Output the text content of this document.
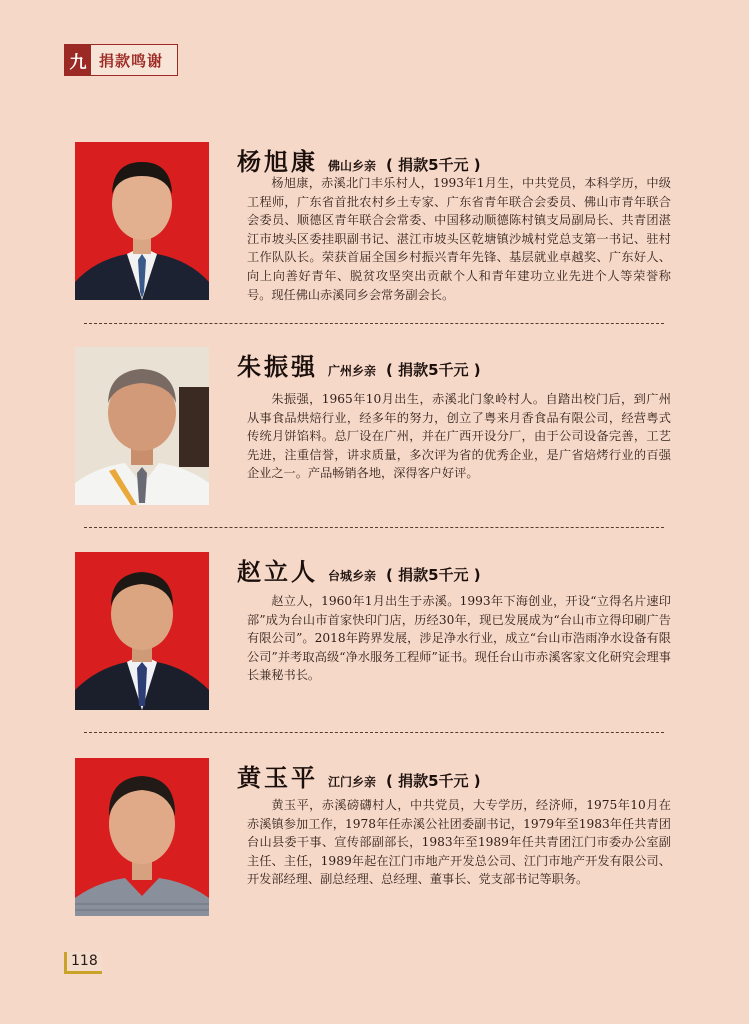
九 捐款鸣谢
杨旭康 佛山乡亲 ( 捐款5千元 )

杨旭康，赤溪北门丰乐村人，1993年1月生，中共党员，本科学历，中级工程师，广东省首批农村乡土专家、广东省青年联合会委员、佛山市青年联合会委员、顺德区青年联合会常委、中国移动顺德陈村镇支局副局长、共青团湛江市坡头区委挂职副书记、湛江市坡头区乾塘镇沙城村党总支第一书记、驻村工作队队长。荣获首届全国乡村振兴青年先锋、基层就业卓越奖、广东好人、向上向善好青年、脱贫攻坚突出贡献个人和青年建功立业先进个人等荣誉称号。现任佛山赤溪同乡会常务副会长。

朱振强 广州乡亲 ( 捐款5千元 )

朱振强，1965年10月出生，赤溪北门象岭村人。自踏出校门后，到广州从事食品烘焙行业，经多年的努力，创立了粤来月香食品有限公司，经营粤式传统月饼馅料。总厂设在广州，并在广西开设分厂，由于公司设备完善，工艺先进，注重信誉，讲求质量，多次评为省的优秀企业，是广省焙烤行业的百强企业之一。产品畅销各地，深得客户好评。

赵立人 台城乡亲 ( 捐款5千元 )

赵立人，1960年1月出生于赤溪。1993年下海创业，开设“立得名片速印部”成为台山市首家快印门店，历经30年，现已发展成为“台山市立得印刷广告有限公司”。2018年跨界发展，涉足净水行业，成立“台山市浩雨净水设备有限公司”并考取高级“净水服务工程师”证书。现任台山市赤溪客家文化研究会理事长兼秘书长。

黄玉平 江门乡亲 ( 捐款5千元 )

黄玉平，赤溪磅礴村人，中共党员，大专学历，经济师，1975年10月在赤溪镇参加工作，1978年任赤溪公社团委副书记，1979年至1983年任共青团台山县委干事、宣传部副部长，1983年至1989年任共青团江门市委办公室副主任、主任，1989年起在江门市地产开发总公司、江门市地产开发有限公司、开发部经理、副总经理、总经理、董事长、党支部书记等职务。

118
